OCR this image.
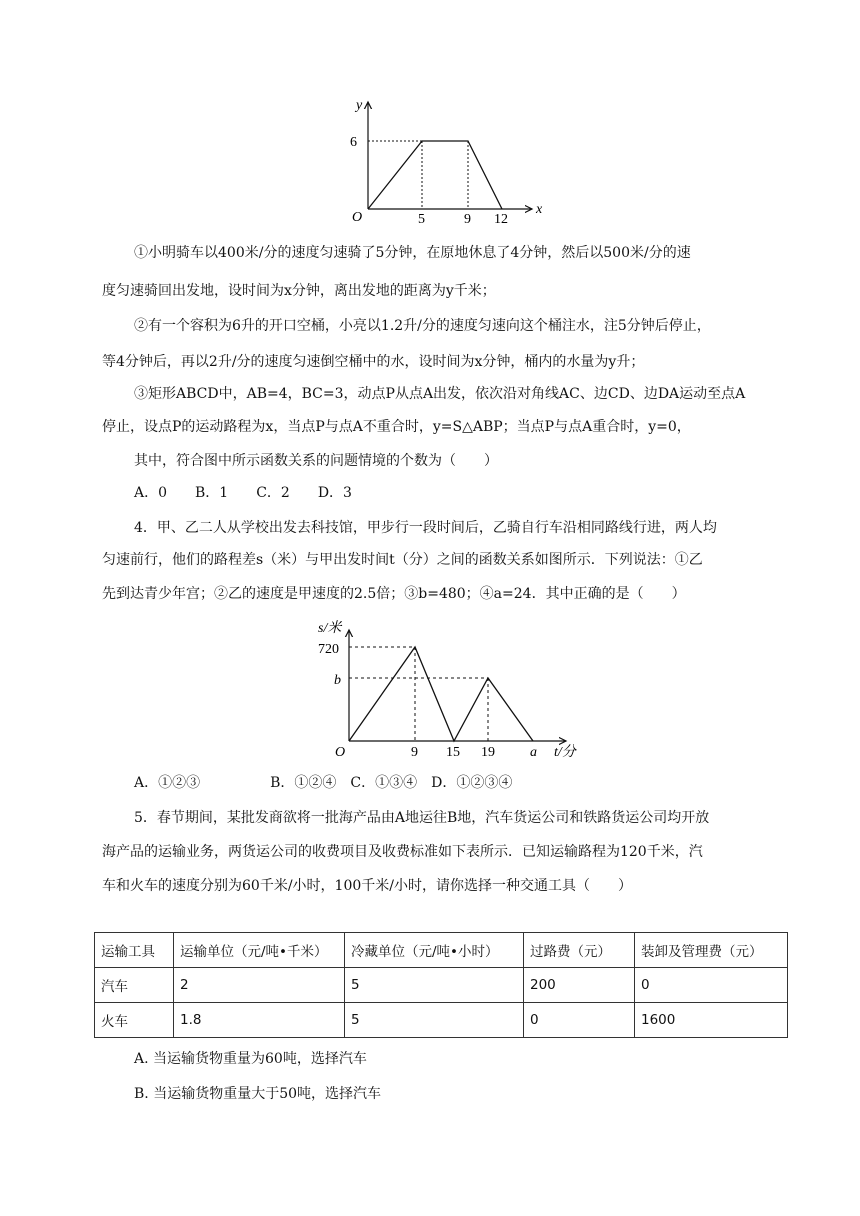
y
x
O
6
5	9 12
①小明骑车以400米/分的速度匀速骑了5分钟，在原地休息了4分钟，然后以500米/分的速
度匀速骑回出发地，设时间为x分钟，离出发地的距离为y千米；
②有一个容积为6升的开口空桶，小亮以1.2升/分的速度匀速向这个桶注水，注5分钟后停止，
等4分钟后，再以2升/分的速度匀速倒空桶中的水，设时间为x分钟，桶内的水量为y升；
③矩形ABCD中，AB=4，BC=3，动点P从点A出发，依次沿对角线AC、边CD、边DA运动至点A
停止，设点P的运动路程为x，当点P与点A不重合时，y=S△ABP；当点P与点A重合时，y=0，
其中，符合图中所示函数关系的问题情境的个数为（　　）
A．0　　B．1　　C．2　　D．3
4．甲、乙二人从学校出发去科技馆，甲步行一段时间后，乙骑自行车沿相同路线行进，两人均
匀速前行，他们的路程差s（米）与甲出发时间t（分）之间的函数关系如图所示．下列说法：①乙
先到达青少年宫；②乙的速度是甲速度的2.5倍；③b=480；④a=24．其中正确的是（　　）
s/米
t/分
O
720
b
9 15 19	a
A．①②③　　　　　B．①②④　C．①③④　D．①②③④
5．春节期间，某批发商欲将一批海产品由A地运往B地，汽车货运公司和铁路货运公司均开放
海产品的运输业务，两货运公司的收费项目及收费标准如下表所示．已知运输路程为120千米，汽
车和火车的速度分别为60千米/小时，100千米/小时，请你选择一种交通工具（　　）
运输工具	运输单位（元/吨•千米）	冷藏单位（元/吨•小时）	过路费（元）	装卸及管理费（元）
汽车	2	5	200	0
火车	1.8	5	0	1600
A. 当运输货物重量为60吨，选择汽车
B. 当运输货物重量大于50吨，选择汽车
